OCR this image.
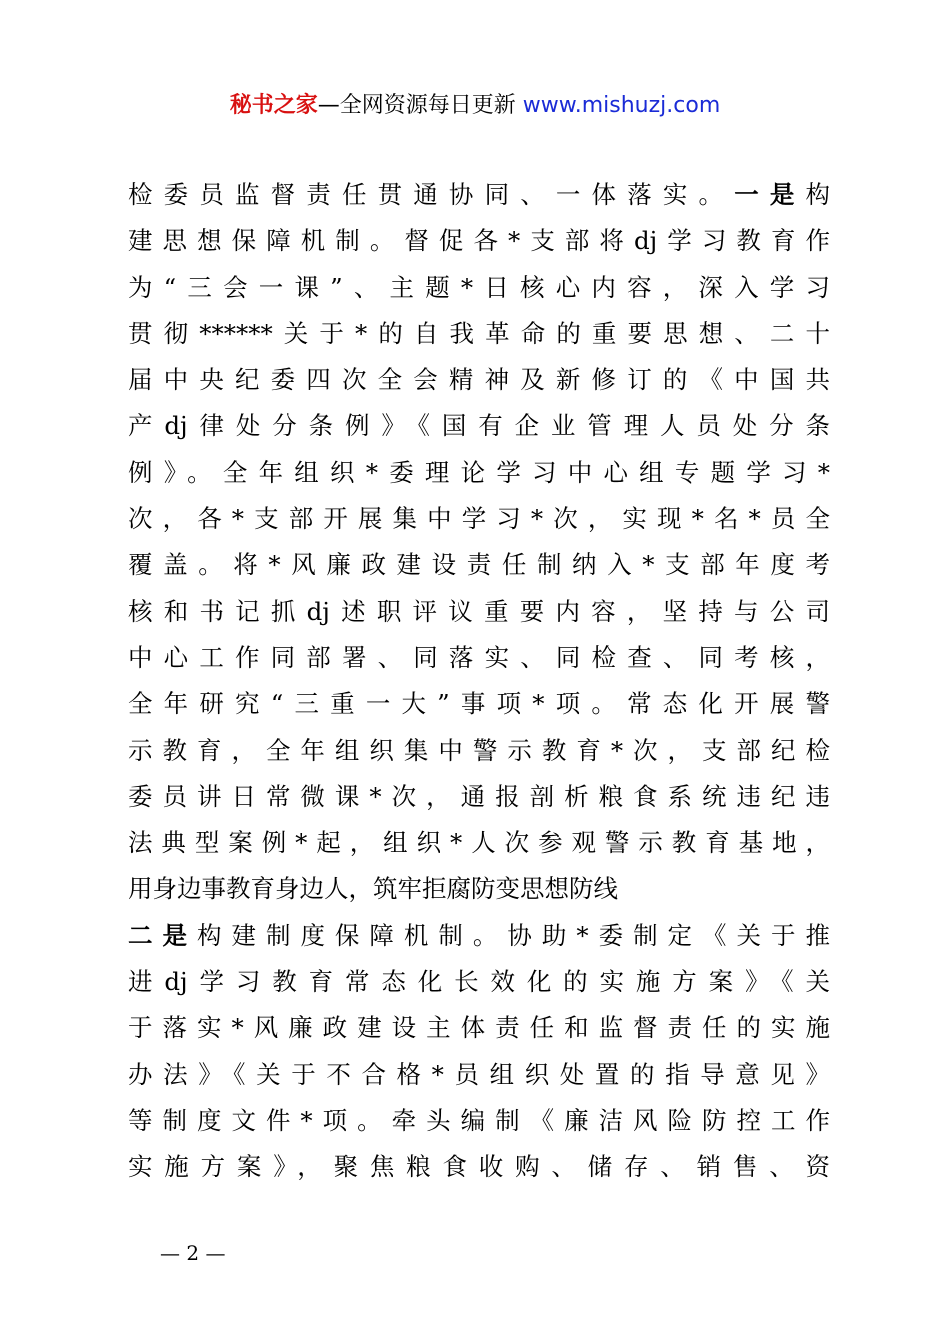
秘书之家—全网资源每日更新 www.mishuzj.com
检委员监督责任贯通协同、一体落实。一是构
建思想保障机制。督促各*支部将dj学习教育作
为“三会一课”、主题*日核心内容，深入学习
贯彻******关于*的自我革命的重要思想、二十
届中央纪委四次全会精神及新修订的《中国共
产dj律处分条例》《国有企业管理人员处分条
例》。全年组织*委理论学习中心组专题学习*
次，各*支部开展集中学习*次，实现*名*员全
覆盖。将*风廉政建设责任制纳入*支部年度考
核和书记抓dj述职评议重要内容，坚持与公司
中心工作同部署、同落实、同检查、同考核，
全年研究“三重一大”事项*项。常态化开展警
示教育，全年组织集中警示教育*次，支部纪检
委员讲日常微课*次，通报剖析粮食系统违纪违
法典型案例*起，组织*人次参观警示教育基地，
用身边事教育身边人，筑牢拒腐防变思想防线
二是构建制度保障机制。协助*委制定《关于推
进dj学习教育常态化长效化的实施方案》《关
于落实*风廉政建设主体责任和监督责任的实施
办法》《关于不合格*员组织处置的指导意见》
等制度文件*项。牵头编制《廉洁风险防控工作
实施方案》，聚焦粮食收购、储存、销售、资
— 2 —
